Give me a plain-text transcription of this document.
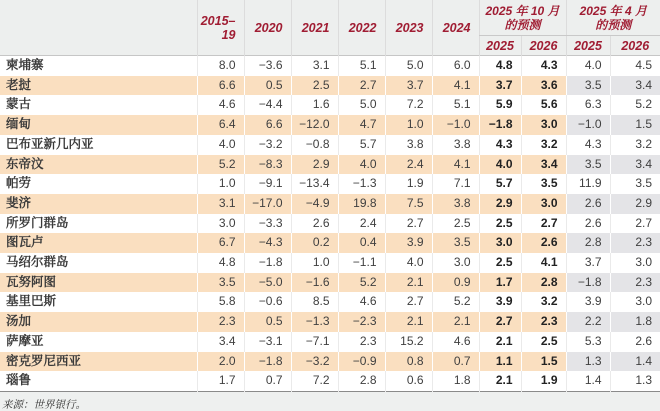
	2015–19	2020	2021	2022	2023	2024	2025 年 10 月
的预测		2025 年 4 月
的预测	

							2025	2026	2025	2026
柬埔寨	8.0	−3.6	3.1	5.1	5.0	6.0	4.8	4.3	4.0	4.5
老挝	6.6	0.5	2.5	2.7	3.7	4.1	3.7	3.6	3.5	3.4
蒙古	4.6	−4.4	1.6	5.0	7.2	5.1	5.9	5.6	6.3	5.2
缅甸	6.4	6.6	−12.0	4.7	1.0	−1.0	−1.8	3.0	−1.0	1.5
巴布亚新几内亚	4.0	−3.2	−0.8	5.7	3.8	3.8	4.3	3.2	4.3	3.2
东帝汶	5.2	−8.3	2.9	4.0	2.4	4.1	4.0	3.4	3.5	3.4
帕劳	1.0	−9.1	−13.4	−1.3	1.9	7.1	5.7	3.5	11.9	3.5
斐济	3.1	−17.0	−4.9	19.8	7.5	3.8	2.9	3.0	2.6	2.9
所罗门群岛	3.0	−3.3	2.6	2.4	2.7	2.5	2.5	2.7	2.6	2.7
图瓦卢	6.7	−4.3	0.2	0.4	3.9	3.5	3.0	2.6	2.8	2.3
马绍尔群岛	4.8	−1.8	1.0	−1.1	4.0	3.0	2.5	4.1	3.7	3.0
瓦努阿图	3.5	−5.0	−1.6	5.2	2.1	0.9	1.7	2.8	−1.8	2.3
基里巴斯	5.8	−0.6	8.5	4.6	2.7	5.2	3.9	3.2	3.9	3.0
汤加	2.3	0.5	−1.3	−2.3	2.1	2.1	2.7	2.3	2.2	1.8
萨摩亚	3.4	−3.1	−7.1	2.3	15.2	4.6	2.1	2.5	5.3	2.6
密克罗尼西亚	2.0	−1.8	−3.2	−0.9	0.8	0.7	1.1	1.5	1.3	1.4
瑙鲁	1.7	0.7	7.2	2.8	0.6	1.8	2.1	1.9	1.4	1.3
来源：世界银行。
